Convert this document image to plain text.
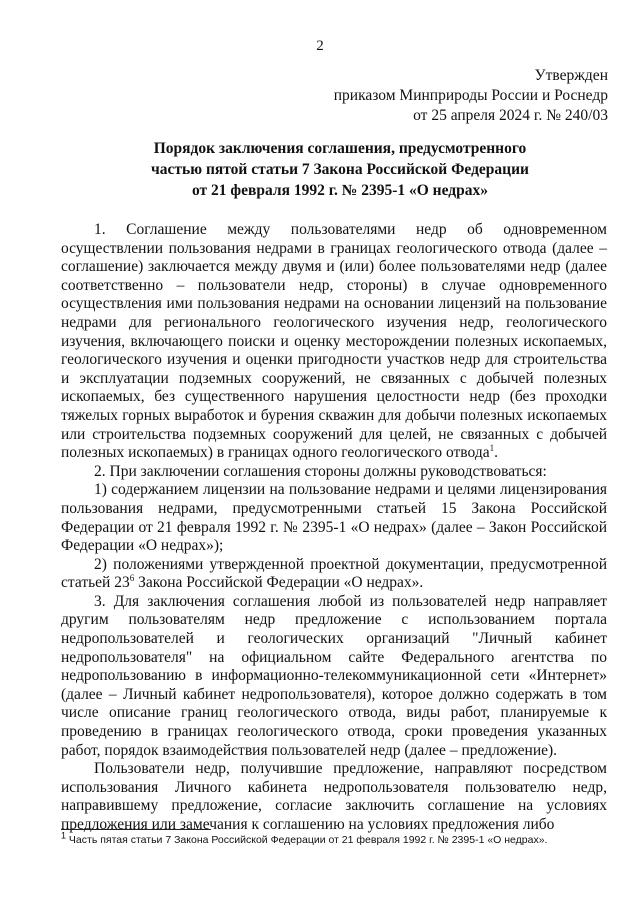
2
Утвержден
приказом Минприроды России и Роснедр
от 25 апреля 2024 г. № 240/03
Порядок заключения соглашения, предусмотренного
частью пятой статьи 7 Закона Российской Федерации
от 21 февраля 1992 г. № 2395-1 «О недрах»

1. Соглашение между пользователями недр об одновременном осуществлении пользования недрами в границах геологического отвода (далее – соглашение) заключается между двумя и (или) более пользователями недр (далее соответственно – пользователи недр, стороны) в случае одновременного осуществления ими пользования недрами на основании лицензий на пользование недрами для регионального геологического изучения недр, геологического изучения, включающего поиски и оценку месторождении полезных ископаемых, геологического изучения и оценки пригодности участков недр для строительства и эксплуатации подземных сооружений, не связанных с добычей полезных ископаемых, без существенного нарушения целостности недр (без проходки тяжелых горных выработок и бурения скважин для добычи полезных ископаемых или строительства подземных сооружений для целей, не связанных с добычей полезных ископаемых) в границах одного геологического отвода$^1$.

2. При заключении соглашения стороны должны руководствоваться:

1) содержанием лицензии на пользование недрами и целями лицензирования пользования недрами, предусмотренными статьей 15 Закона Российской Федерации от 21 февраля 1992 г. № 2395-1 «О недрах» (далее – Закон Российской Федерации «О недрах»);

2) положениями утвержденной проектной документации, предусмотренной статьей $23^6$ Закона Российской Федерации «О недрах».

3. Для заключения соглашения любой из пользователей недр направляет другим пользователям недр предложение с использованием портала недропользователей и геологических организаций "Личный кабинет недропользователя" на официальном сайте Федерального агентства по недропользованию в информационно-телекоммуникационной сети «Интернет» (далее – Личный кабинет недропользователя), которое должно содержать в том числе описание границ геологического отвода, виды работ, планируемые к проведению в границах геологического отвода, сроки проведения указанных работ, порядок взаимодействия пользователей недр (далее – предложение).

Пользователи недр, получившие предложение, направляют посредством использования Личного кабинета недропользователя пользователю недр, направившему предложение, согласие заключить соглашение на условиях предложения или замечания к соглашению на условиях предложения либо

$^1$ Часть пятая статьи 7 Закона Российской Федерации от 21 февраля 1992 г. № 2395-1 «О недрах».
